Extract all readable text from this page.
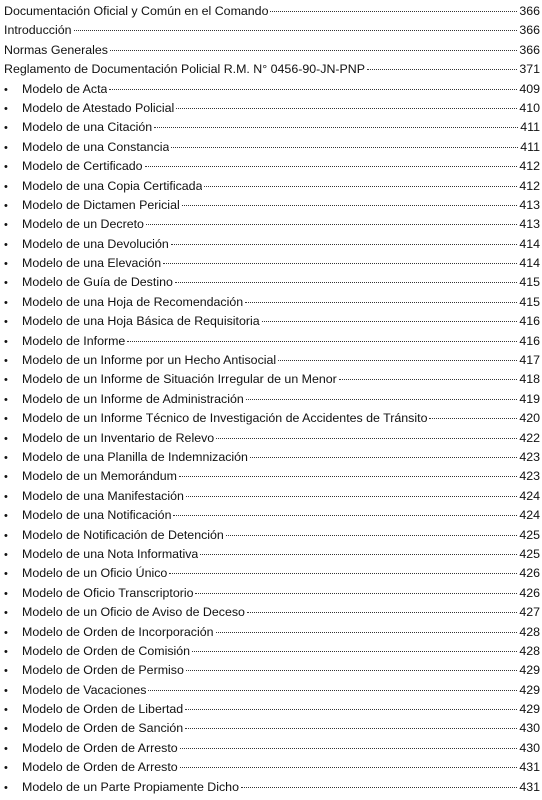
Documentación Oficial y Común en el Comando	366
Introducción	366
Normas Generales	366
Reglamento de Documentación Policial R.M. N° 0456-90-JN-PNP	371
•	Modelo de Acta	409
•	Modelo de Atestado Policial	410
•	Modelo de una Citación	411
•	Modelo de una Constancia	411
•	Modelo de Certificado	412
•	Modelo de una Copia Certificada	412
•	Modelo de Dictamen Pericial	413
•	Modelo de un Decreto	413
•	Modelo de una Devolución	414
•	Modelo de una Elevación	414
•	Modelo de Guía de Destino	415
•	Modelo de una Hoja de Recomendación	415
•	Modelo de una Hoja Básica de Requisitoria	416
•	Modelo de Informe	416
•	Modelo de un Informe por un Hecho Antisocial	417
•	Modelo de un Informe de Situación Irregular de un Menor	418
•	Modelo de un Informe de Administración	419
•	Modelo de un Informe Técnico de Investigación de Accidentes de Tránsito	420
•	Modelo de un Inventario de Relevo	422
•	Modelo de una Planilla de Indemnización	423
•	Modelo de un Memorándum	423
•	Modelo de una Manifestación	424
•	Modelo de una Notificación	424
•	Modelo de Notificación de Detención	425
•	Modelo de una Nota Informativa	425
•	Modelo de un Oficio Único	426
•	Modelo de Oficio Transcriptorio	426
•	Modelo de un Oficio de Aviso de Deceso	427
•	Modelo de Orden de Incorporación	428
•	Modelo de Orden de Comisión	428
•	Modelo de Orden de Permiso	429
•	Modelo de Vacaciones	429
•	Modelo de Orden de Libertad	429
•	Modelo de Orden de Sanción	430
•	Modelo de Orden de Arresto	430
•	Modelo de Orden de Arresto	431
•	Modelo de un Parte Propiamente Dicho	431
